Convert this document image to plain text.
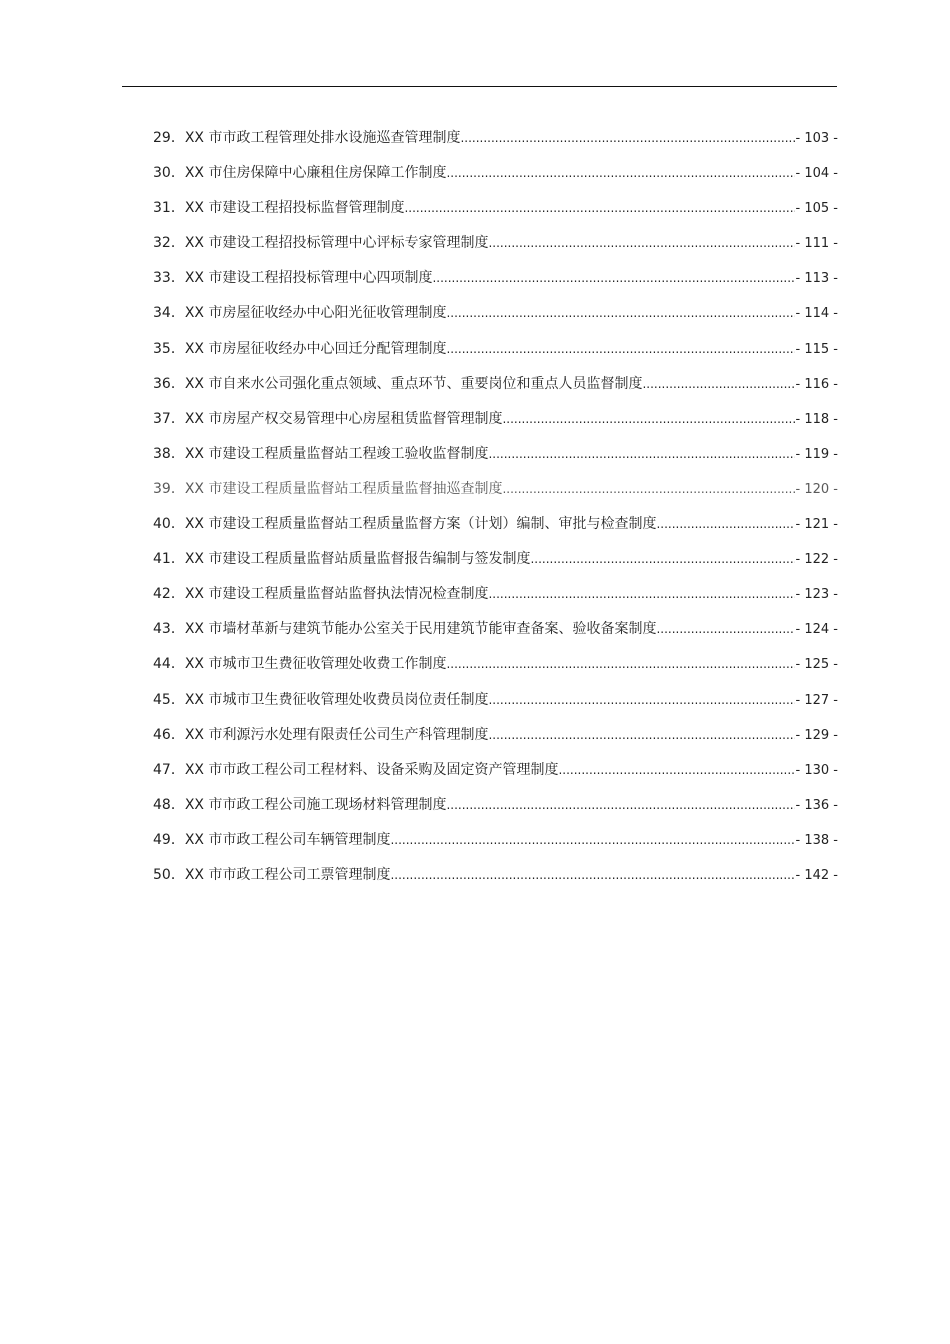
29． XX 市市政工程管理处排水设施巡查管理制度 .....	- 103 -
30． XX 市住房保障中心廉租住房保障工作制度 .....	- 104 -
31． XX 市建设工程招投标监督管理制度 .....	- 105 -
32． XX 市建设工程招投标管理中心评标专家管理制度 .....	- 111 -
33． XX 市建设工程招投标管理中心四项制度 .....	- 113 -
34． XX 市房屋征收经办中心阳光征收管理制度 .....	- 114 -
35． XX 市房屋征收经办中心回迁分配管理制度 .....	- 115 -
36． XX 市自来水公司强化重点领域、重点环节、重要岗位和重点人员监督制度 .....	- 116 -
37． XX 市房屋产权交易管理中心房屋租赁监督管理制度 .....	- 118 -
38． XX 市建设工程质量监督站工程竣工验收监督制度 .....	- 119 -
39． XX 市建设工程质量监督站工程质量监督抽巡查制度 .....	- 120 -
40． XX 市建设工程质量监督站工程质量监督方案（计划）编制、审批与检查制度 .....	- 121 -
41． XX 市建设工程质量监督站质量监督报告编制与签发制度 .....	- 122 -
42． XX 市建设工程质量监督站监督执法情况检查制度 .....	- 123 -
43． XX 市墙材革新与建筑节能办公室关于民用建筑节能审查备案、验收备案制度 .....	- 124 -
44． XX 市城市卫生费征收管理处收费工作制度 .....	- 125 -
45． XX 市城市卫生费征收管理处收费员岗位责任制度 .....	- 127 -
46． XX 市利源污水处理有限责任公司生产科管理制度 .....	- 129 -
47． XX 市市政工程公司工程材料、设备采购及固定资产管理制度 .....	- 130 -
48． XX 市市政工程公司施工现场材料管理制度 .....	- 136 -
49． XX 市市政工程公司车辆管理制度 .....	- 138 -
50． XX 市市政工程公司工票管理制度 .....	- 142 -
